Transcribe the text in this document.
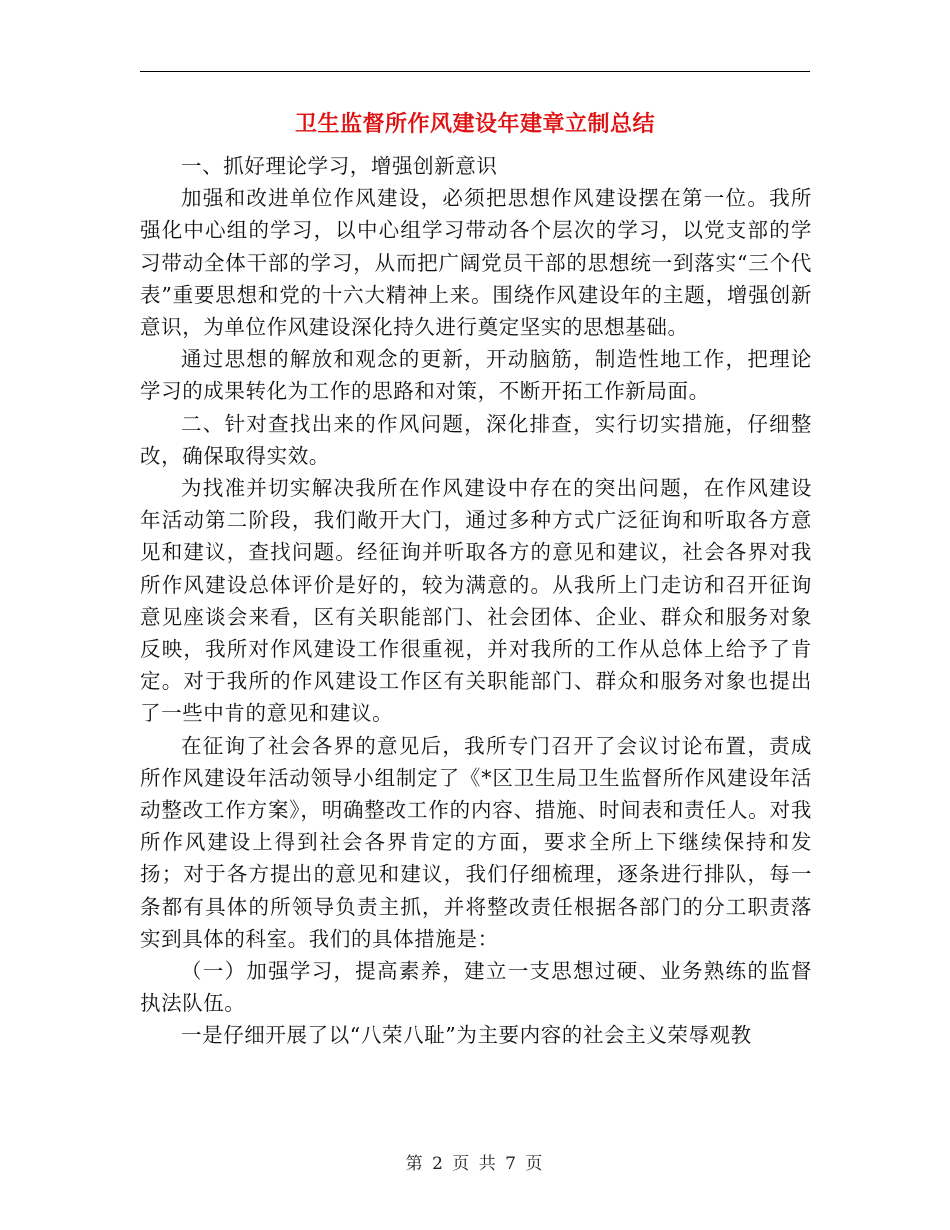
卫生监督所作风建设年建章立制总结

一、抓好理论学习，增强创新意识

加强和改进单位作风建设，必须把思想作风建设摆在第一位。我所强化中心组的学习，以中心组学习带动各个层次的学习，以党支部的学习带动全体干部的学习，从而把广阔党员干部的思想统一到落实“三个代表”重要思想和党的十六大精神上来。围绕作风建设年的主题，增强创新意识，为单位作风建设深化持久进行奠定坚实的思想基础。

通过思想的解放和观念的更新，开动脑筋，制造性地工作，把理论学习的成果转化为工作的思路和对策，不断开拓工作新局面。

二、针对查找出来的作风问题，深化排查，实行切实措施，仔细整改，确保取得实效。

为找准并切实解决我所在作风建设中存在的突出问题，在作风建设年活动第二阶段，我们敞开大门，通过多种方式广泛征询和听取各方意见和建议，查找问题。经征询并听取各方的意见和建议，社会各界对我所作风建设总体评价是好的，较为满意的。从我所上门走访和召开征询意见座谈会来看，区有关职能部门、社会团体、企业、群众和服务对象反映，我所对作风建设工作很重视，并对我所的工作从总体上给予了肯定。对于我所的作风建设工作区有关职能部门、群众和服务对象也提出了一些中肯的意见和建议。

在征询了社会各界的意见后，我所专门召开了会议讨论布置，责成所作风建设年活动领导小组制定了《*区卫生局卫生监督所作风建设年活动整改工作方案》，明确整改工作的内容、措施、时间表和责任人。对我所作风建设上得到社会各界肯定的方面，要求全所上下继续保持和发扬；对于各方提出的意见和建议，我们仔细梳理，逐条进行排队，每一条都有具体的所领导负责主抓，并将整改责任根据各部门的分工职责落实到具体的科室。我们的具体措施是：

（一）加强学习，提高素养，建立一支思想过硬、业务熟练的监督执法队伍。

一是仔细开展了以“八荣八耻”为主要内容的社会主义荣辱观教

第 2 页 共 7 页
